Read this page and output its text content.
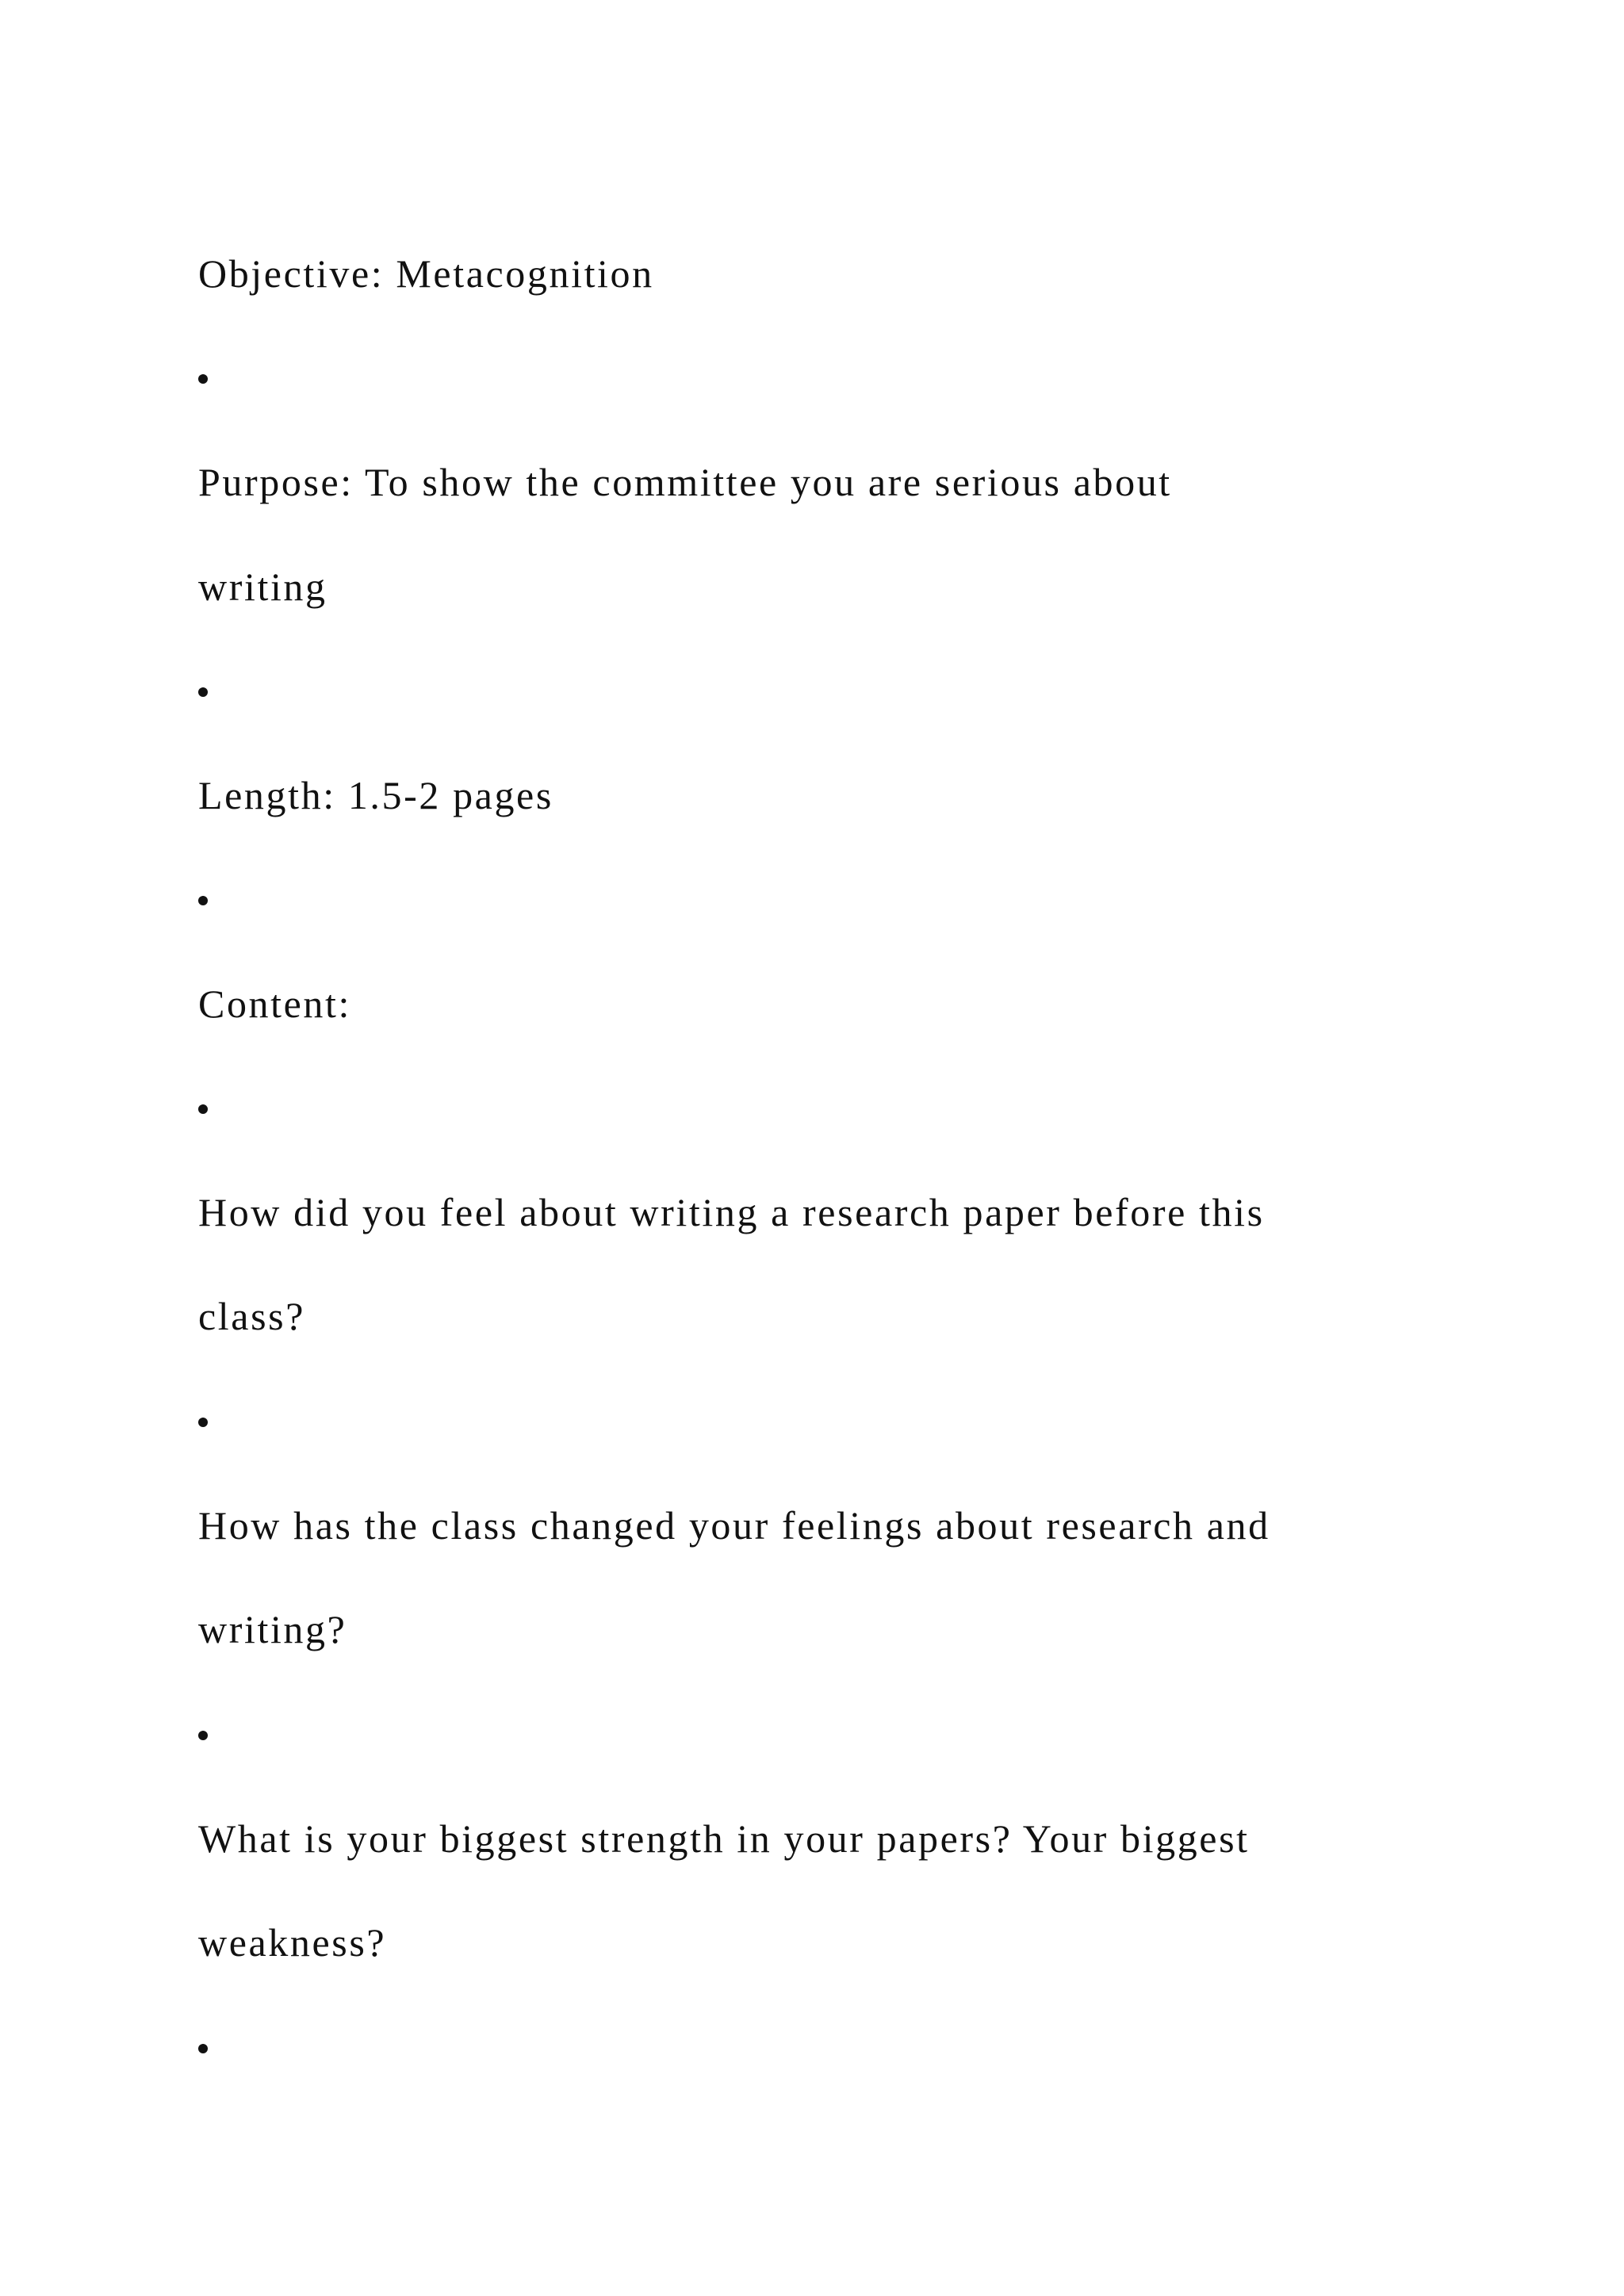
Objective: Metacognition

Purpose: To show the committee you are serious about

writing

Length: 1.5-2 pages

Content:

How did you feel about writing a research paper before this

class?

How has the class changed your feelings about research and

writing?

What is your biggest strength in your papers? Your biggest

weakness?
